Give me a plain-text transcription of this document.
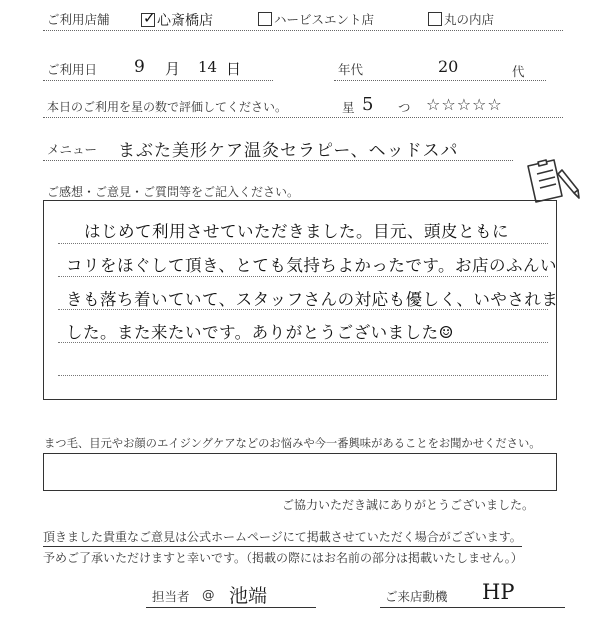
ご利用店舗 ✓ 心斎橋店	ハービスエント店	丸の内店
ご利用日 9 月 14 日	年代	20	代
本日のご利用を星の数で評価してください。	星 5 つ ☆☆☆☆☆
メニュー まぶた美形ケア温灸セラピー、ヘッドスパ
ご感想・ご意見・ご質問等をご記入ください。
はじめて利用させていただきました。目元、頭皮ともに
コリをほぐして頂き、とても気持ちよかったです。お店のふんい
きも落ち着いていて、スタッフさんの対応も優しく、いやされま
した。また来たいです。ありがとうございました☺
まつ毛、目元やお顔のエイジングケアなどのお悩みや今一番興味があることをお聞かせください。
ご協力いただき誠にありがとうございました。
頂きました貴重なご意見は公式ホームページにて掲載させていただく場合がございます。
予めご了承いただけますと幸いです。（掲載の際にはお名前の部分は掲載いたしません。）
担当者 @ 池端	ご来店動機 HP
